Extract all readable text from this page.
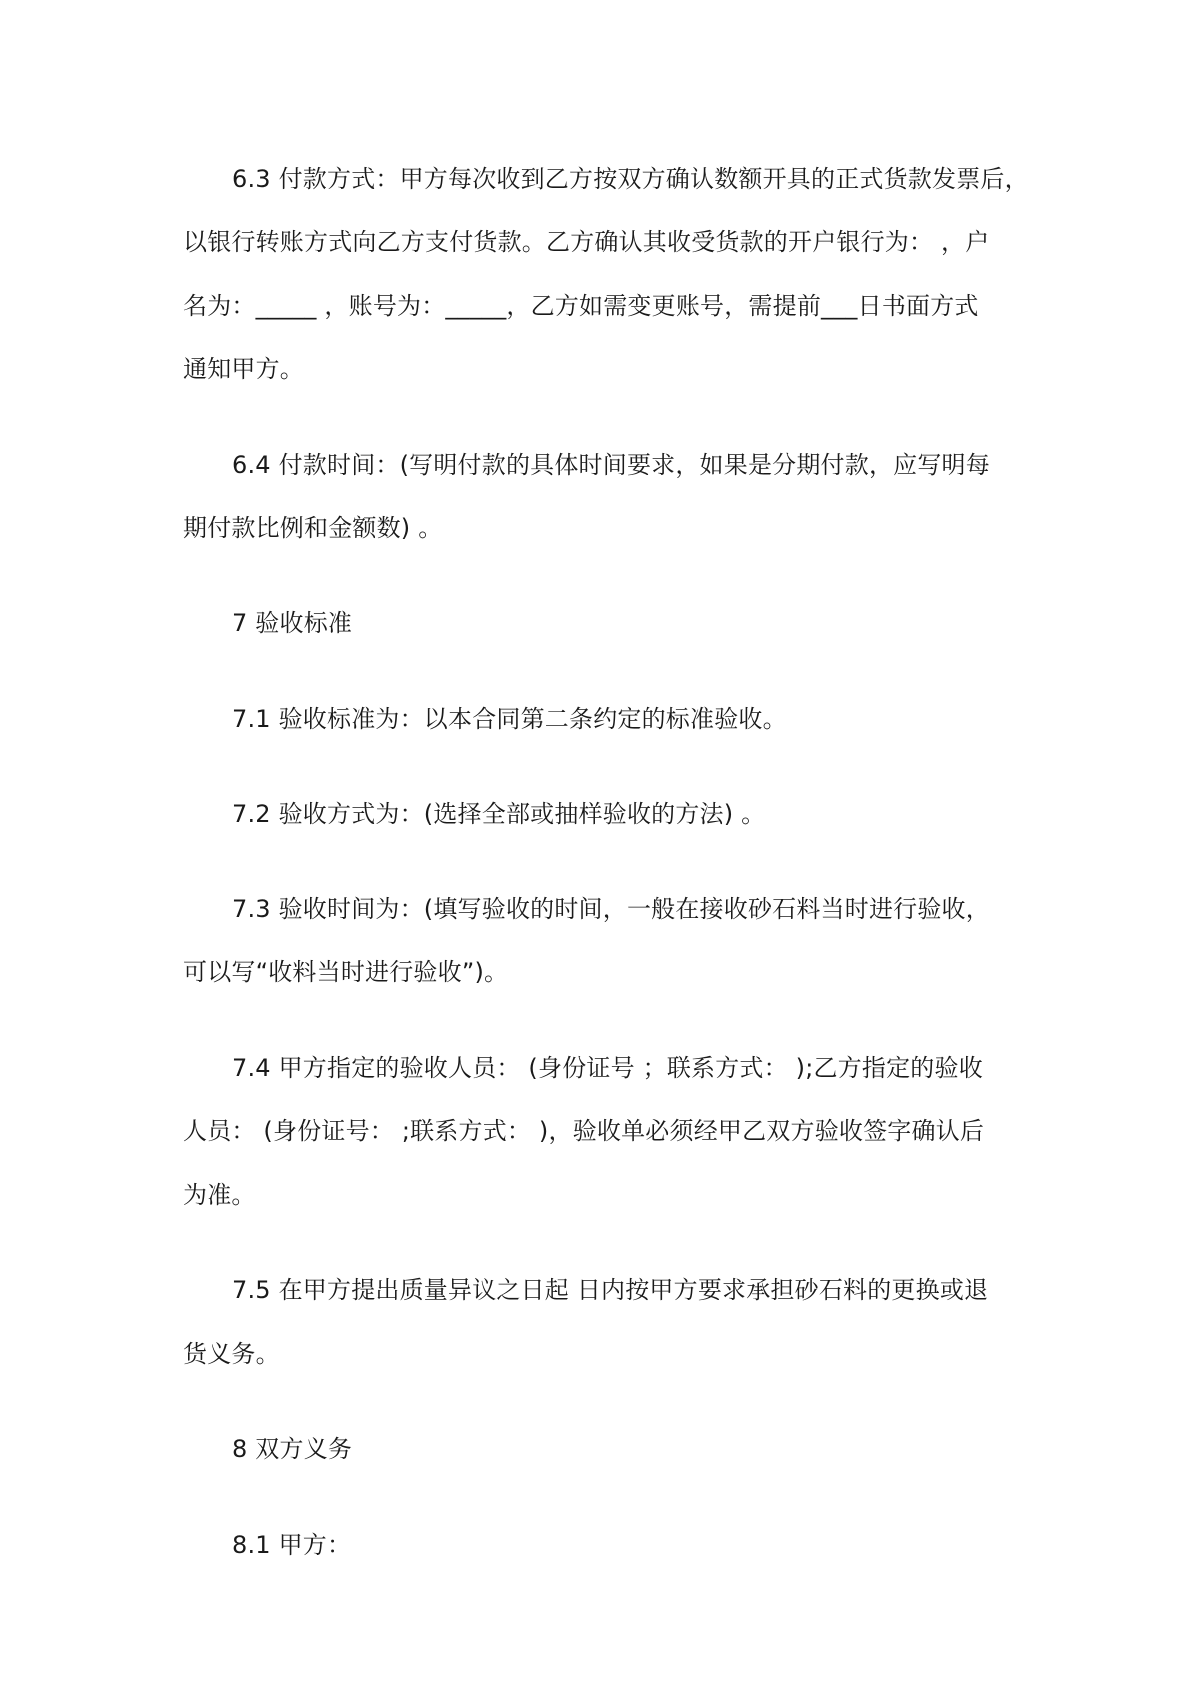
6.3 付款方式：甲方每次收到乙方按双方确认数额开具的正式货款发票后，
以银行转账方式向乙方支付货款。乙方确认其收受货款的开户银行为： ，户
名为：_____ ，账号为：_____，乙方如需变更账号，需提前___日书面方式
通知甲方。
6.4 付款时间：(写明付款的具体时间要求，如果是分期付款，应写明每
期付款比例和金额数) 。
7 验收标准
7.1 验收标准为：以本合同第二条约定的标准验收。
7.2 验收方式为：(选择全部或抽样验收的方法) 。
7.3 验收时间为：(填写验收的时间，一般在接收砂石料当时进行验收，
可以写“收料当时进行验收”)。
7.4 甲方指定的验收人员： (身份证号 ；联系方式： );乙方指定的验收
人员： (身份证号： ;联系方式： )，验收单必须经甲乙双方验收签字确认后
为准。
7.5 在甲方提出质量异议之日起 日内按甲方要求承担砂石料的更换或退
货义务。
8 双方义务
8.1 甲方：
